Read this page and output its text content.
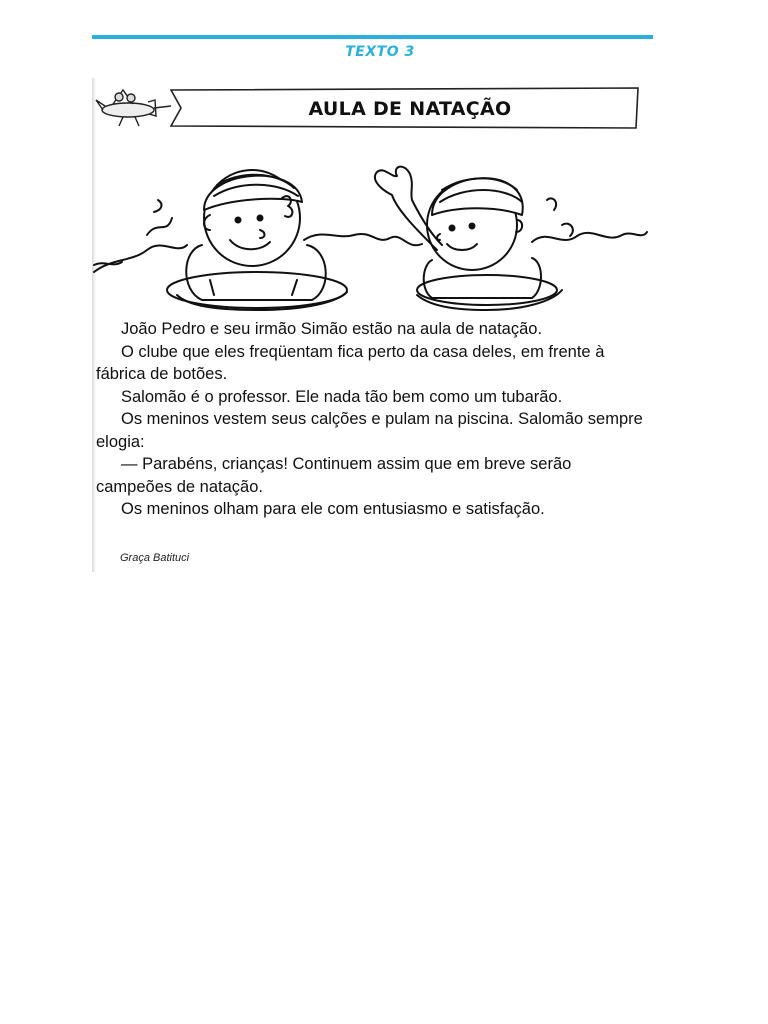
TEXTO 3
AULA DE NATAÇÃO

João Pedro e seu irmão Simão estão na aula de natação.

O clube que eles freqüentam fica perto da casa deles, em frente à fábrica de botões.

Salomão é o professor. Ele nada tão bem como um tubarão.

Os meninos vestem seus calções e pulam na piscina. Salomão sempre elogia:

— Parabéns, crianças! Continuem assim que em breve serão campeões de natação.

Os meninos olham para ele com entusiasmo e satisfação.

Graça Batituci
